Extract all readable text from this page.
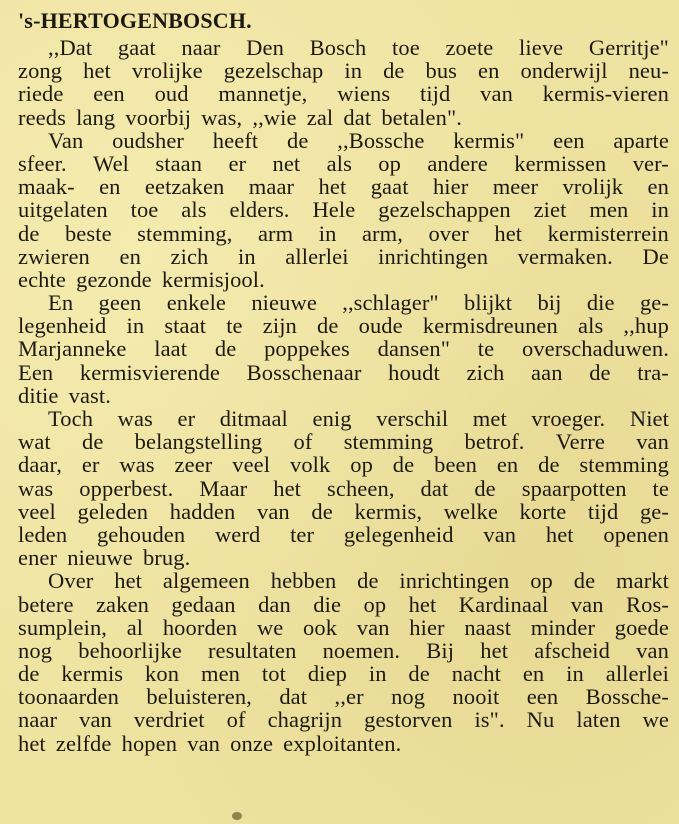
's-HERTOGENBOSCH.
,,Dat gaat naar Den Bosch toe zoete lieve Gerritje"
zong het vrolijke gezelschap in de bus en onderwijl neu-
riede een oud mannetje, wiens tijd van kermis-vieren
reeds lang voorbij was, ,,wie zal dat betalen".
Van oudsher heeft de ,,Bossche kermis" een aparte
sfeer. Wel staan er net als op andere kermissen ver-
maak- en eetzaken maar het gaat hier meer vrolijk en
uitgelaten toe als elders. Hele gezelschappen ziet men in
de beste stemming, arm in arm, over het kermisterrein
zwieren en zich in allerlei inrichtingen vermaken. De
echte gezonde kermisjool.
En geen enkele nieuwe ,,schlager" blijkt bij die ge-
legenheid in staat te zijn de oude kermisdreunen als ,,hup
Marjanneke laat de poppekes dansen" te overschaduwen.
Een kermisvierende Bosschenaar houdt zich aan de tra-
ditie vast.
Toch was er ditmaal enig verschil met vroeger. Niet
wat de belangstelling of stemming betrof. Verre van
daar, er was zeer veel volk op de been en de stemming
was opperbest. Maar het scheen, dat de spaarpotten te
veel geleden hadden van de kermis, welke korte tijd ge-
leden gehouden werd ter gelegenheid van het openen
ener nieuwe brug.
Over het algemeen hebben de inrichtingen op de markt
betere zaken gedaan dan die op het Kardinaal van Ros-
sumplein, al hoorden we ook van hier naast minder goede
nog behoorlijke resultaten noemen. Bij het afscheid van
de kermis kon men tot diep in de nacht en in allerlei
toonaarden beluisteren, dat ,,er nog nooit een Bossche-
naar van verdriet of chagrijn gestorven is". Nu laten we
het zelfde hopen van onze exploitanten.
